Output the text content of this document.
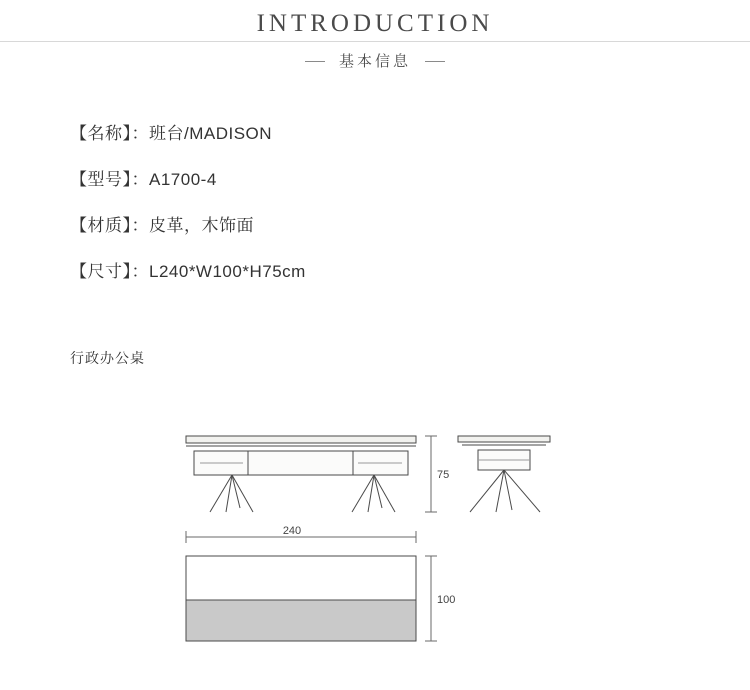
INTRODUCTION
基本信息
【名称】：班台/MADISON
【型号】：A1700-4
【材质】：皮革，木饰面
【尺寸】：L240*W100*H75cm
行政办公桌
75
240
100
